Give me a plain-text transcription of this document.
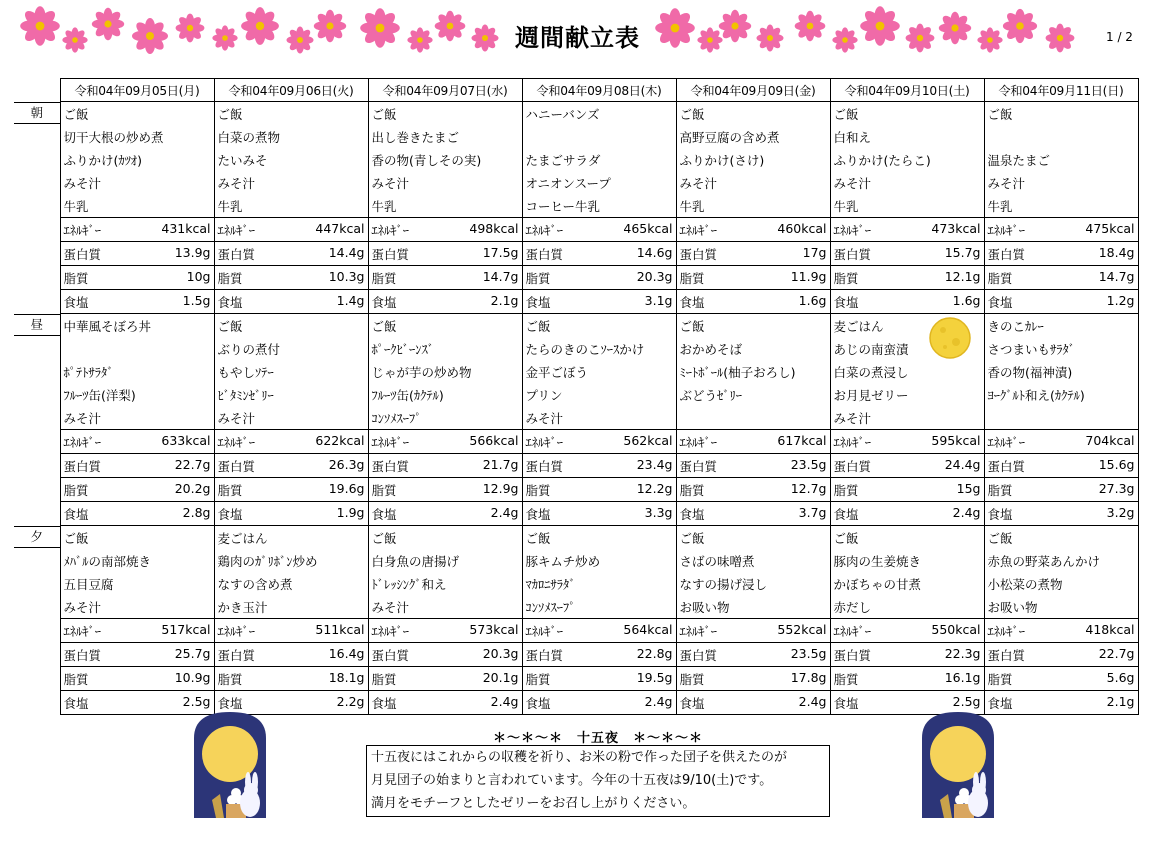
週間献立表	1 / 2
	令和04年09月05日(月)	令和04年09月06日(火)	令和04年09月07日(水)	令和04年09月08日(木)	令和04年09月09日(金)	令和04年09月10日(土)	令和04年09月11日(日)
朝	ご飯	ご飯	ご飯	ハニーバンズ	ご飯	ご飯	ご飯
	切干大根の炒め煮	白菜の煮物	出し巻きたまご		高野豆腐の含め煮	白和え	
	ふりかけ(ｶﾂｵ)	たいみそ	香の物(青しその実)	たまごサラダ	ふりかけ(さけ)	ふりかけ(たらこ)	温泉たまご
	みそ汁	みそ汁	みそ汁	オニオンスープ	みそ汁	みそ汁	みそ汁
	牛乳	牛乳	牛乳	コーヒー牛乳	牛乳	牛乳	牛乳

	ｴﾈﾙｷﾞｰ 431kcal	ｴﾈﾙｷﾞｰ 447kcal	ｴﾈﾙｷﾞｰ 498kcal	ｴﾈﾙｷﾞｰ 465kcal	ｴﾈﾙｷﾞｰ 460kcal	ｴﾈﾙｷﾞｰ 473kcal	ｴﾈﾙｷﾞｰ 475kcal

	蛋白質 13.9g	蛋白質 14.4g	蛋白質 17.5g	蛋白質 14.6g	蛋白質 17g	蛋白質 15.7g	蛋白質 18.4g

	脂質 10g	脂質 10.3g	脂質 14.7g	脂質 20.3g	脂質 11.9g	脂質 12.1g	脂質 14.7g

	食塩 1.5g	食塩 1.4g	食塩 2.1g	食塩 3.1g	食塩 1.6g	食塩 1.6g	食塩 1.2g

昼	中華風そぼろ丼	ご飯	ご飯	ご飯	ご飯	麦ごはん	きのこｶﾚｰ
		ぶりの煮付	ﾎﾟｰｸﾋﾞｰﾝｽﾞ	たらのきのこｿｰｽかけ	おかめそば	あじの南蛮漬	さつまいもｻﾗﾀﾞ
	ﾎﾟﾃﾄｻﾗﾀﾞ	もやしｿﾃｰ	じゃが芋の炒め物	金平ごぼう	ﾐｰﾄﾎﾞｰﾙ(柚子おろし)	白菜の煮浸し	香の物(福神漬)
	ﾌﾙｰﾂ缶(洋梨)	ﾋﾞﾀﾐﾝｾﾞﾘｰ	ﾌﾙｰﾂ缶(ｶｸﾃﾙ)	プリン	ぶどうｾﾞﾘｰ	お月見ゼリー	ﾖｰｸﾞﾙﾄ和え(ｶｸﾃﾙ)
	みそ汁	みそ汁	ｺﾝｿﾒｽｰﾌﾟ	みそ汁		みそ汁	

	ｴﾈﾙｷﾞｰ 633kcal	ｴﾈﾙｷﾞｰ 622kcal	ｴﾈﾙｷﾞｰ 566kcal	ｴﾈﾙｷﾞｰ 562kcal	ｴﾈﾙｷﾞｰ 617kcal	ｴﾈﾙｷﾞｰ 595kcal	ｴﾈﾙｷﾞｰ 704kcal

	蛋白質 22.7g	蛋白質 26.3g	蛋白質 21.7g	蛋白質 23.4g	蛋白質 23.5g	蛋白質 24.4g	蛋白質 15.6g

	脂質 20.2g	脂質 19.6g	脂質 12.9g	脂質 12.2g	脂質 12.7g	脂質 15g	脂質 27.3g

	食塩 2.8g	食塩 1.9g	食塩 2.4g	食塩 3.3g	食塩 3.7g	食塩 2.4g	食塩 3.2g

夕	ご飯	麦ごはん	ご飯	ご飯	ご飯	ご飯	ご飯
	ﾒﾊﾞﾙの南部焼き	鶏肉のｶﾞﾘﾎﾞﾝ炒め	白身魚の唐揚げ	豚キムチ炒め	さばの味噌煮	豚肉の生姜焼き	赤魚の野菜あんかけ
	五目豆腐	なすの含め煮	ﾄﾞﾚｯｼﾝｸﾞ和え	ﾏｶﾛﾆｻﾗﾀﾞ	なすの揚げ浸し	かぼちゃの甘煮	小松菜の煮物
	みそ汁	かき玉汁	みそ汁	ｺﾝｿﾒｽｰﾌﾟ	お吸い物	赤だし	お吸い物

	ｴﾈﾙｷﾞｰ 517kcal	ｴﾈﾙｷﾞｰ 511kcal	ｴﾈﾙｷﾞｰ 573kcal	ｴﾈﾙｷﾞｰ 564kcal	ｴﾈﾙｷﾞｰ 552kcal	ｴﾈﾙｷﾞｰ 550kcal	ｴﾈﾙｷﾞｰ 418kcal

	蛋白質 25.7g	蛋白質 16.4g	蛋白質 20.3g	蛋白質 22.8g	蛋白質 23.5g	蛋白質 22.3g	蛋白質 22.7g

	脂質 10.9g	脂質 18.1g	脂質 20.1g	脂質 19.5g	脂質 17.8g	脂質 16.1g	脂質 5.6g

	食塩 2.5g	食塩 2.2g	食塩 2.4g	食塩 2.4g	食塩 2.4g	食塩 2.5g	食塩 2.1g
＊～＊～＊　十五夜　＊～＊～＊
十五夜にはこれからの収穫を祈り、お米の粉で作った団子を供えたのが
月見団子の始まりと言われています。今年の十五夜は9/10(土)です。
満月をモチーフとしたゼリーをお召し上がりください。
